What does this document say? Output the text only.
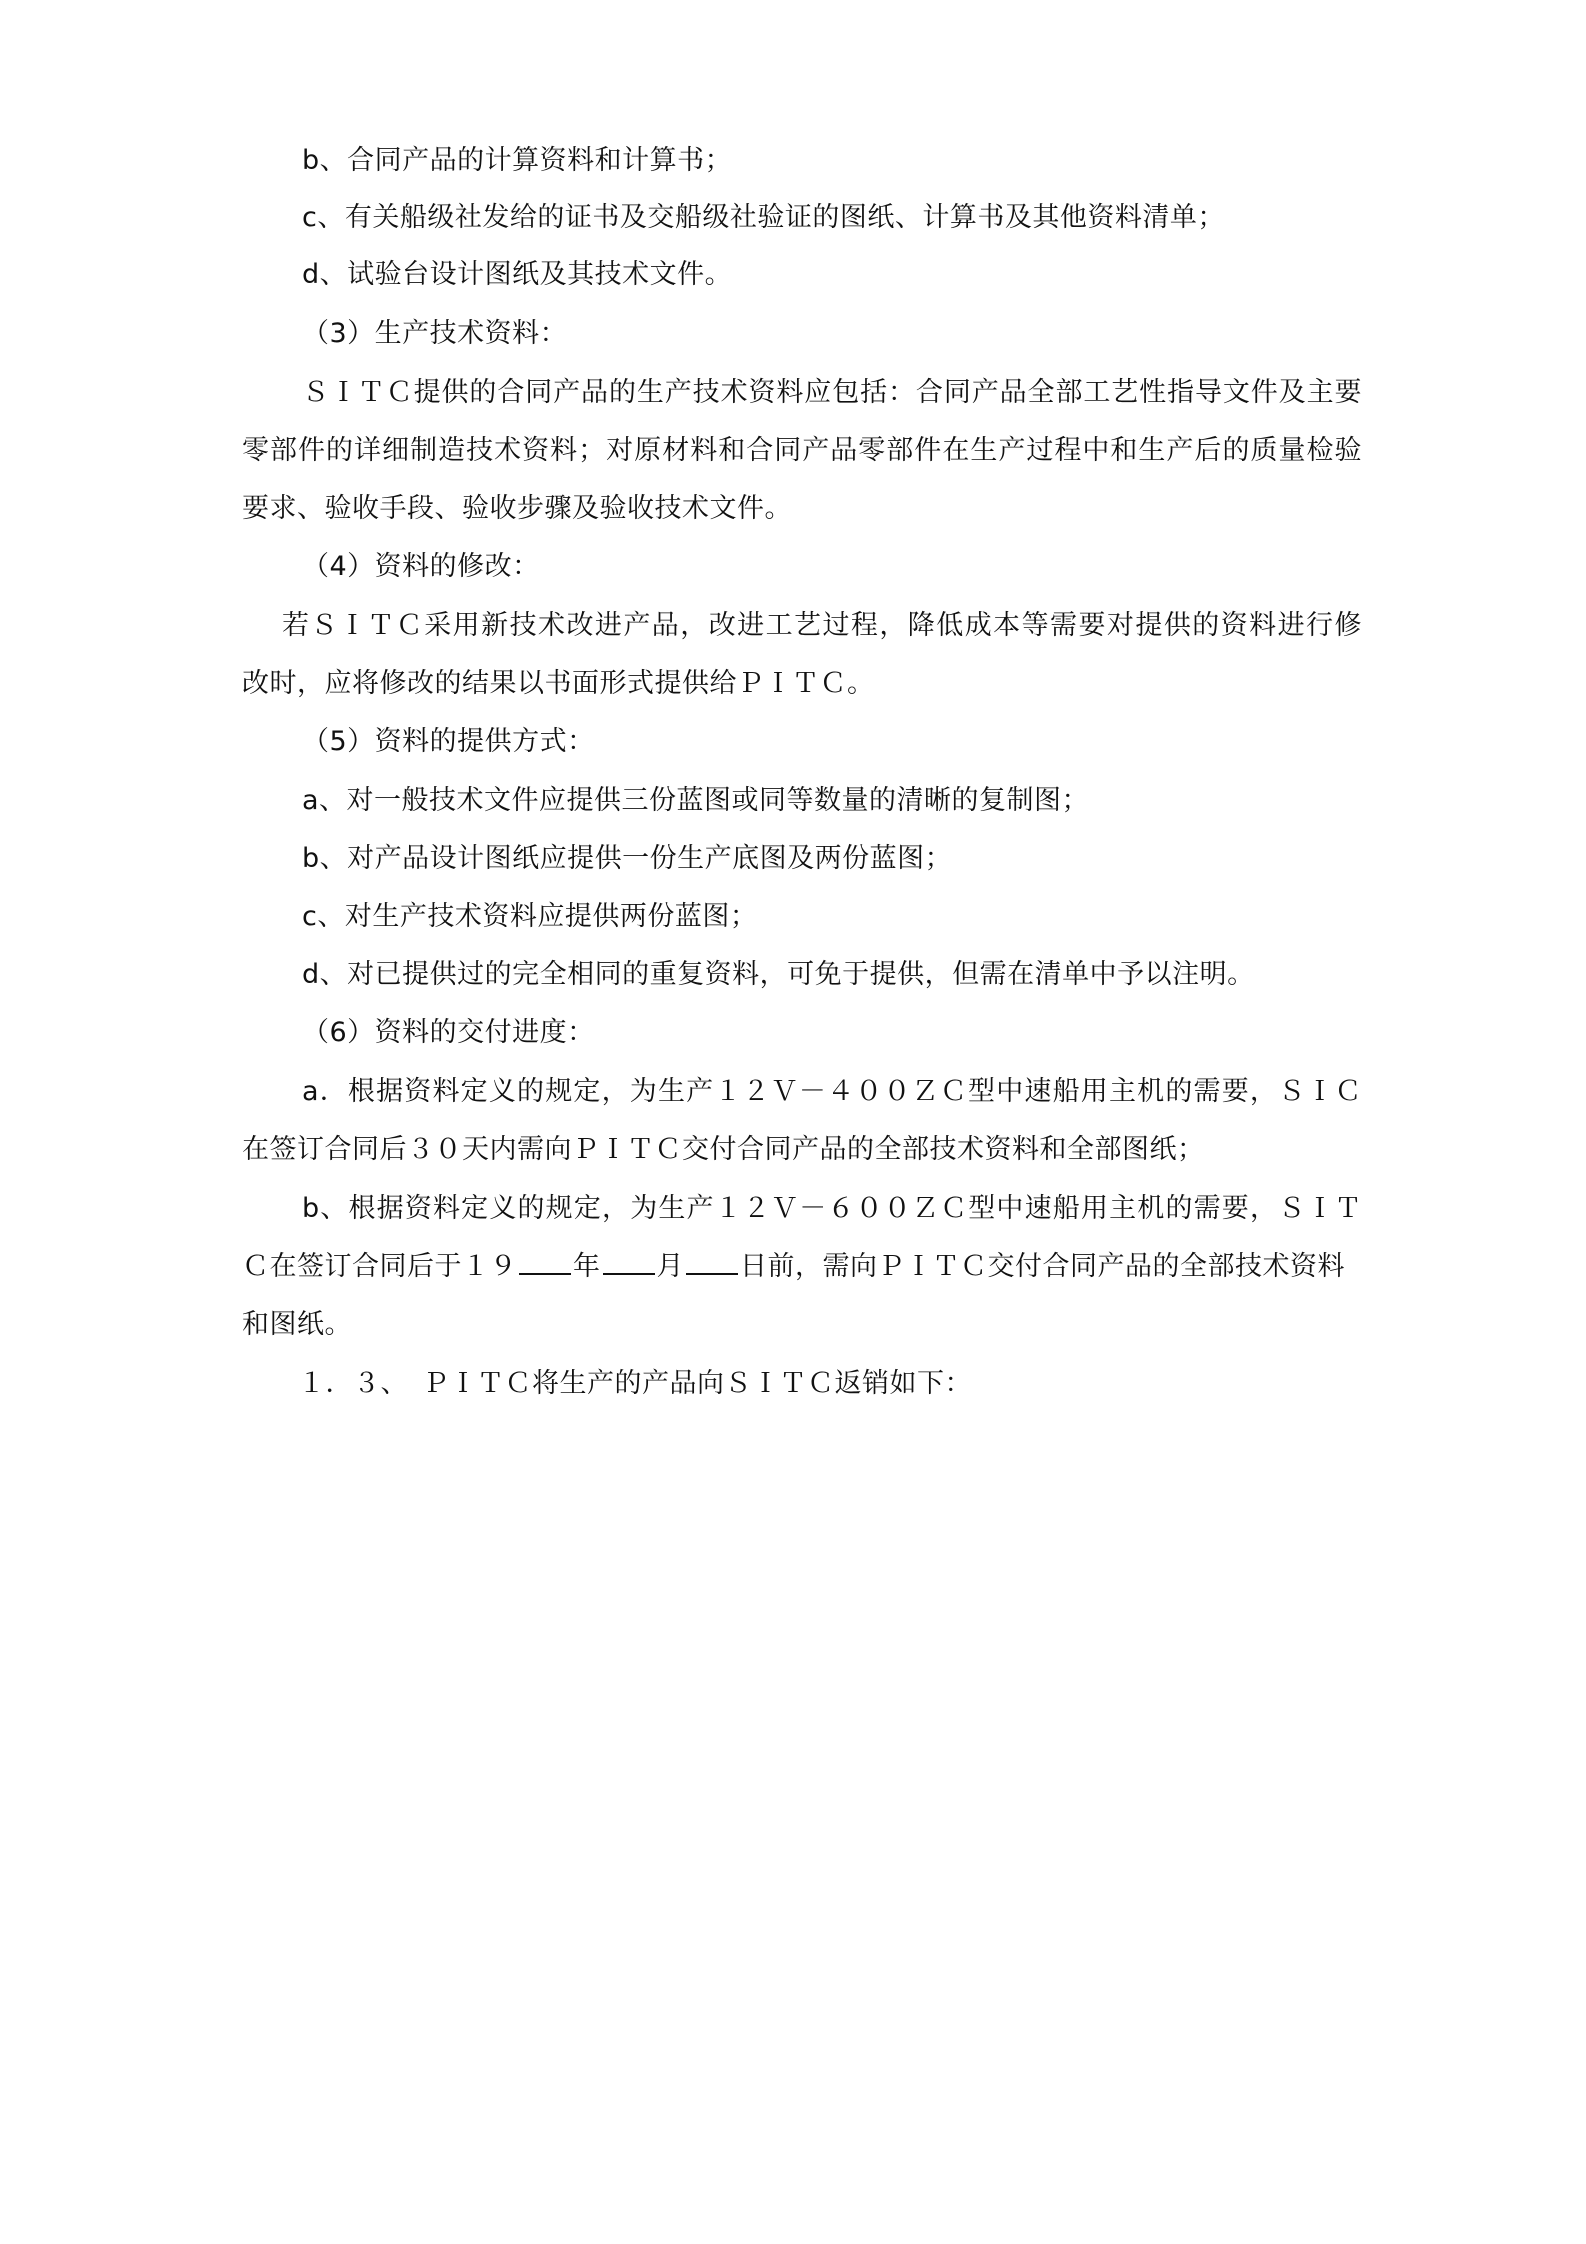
b、合同产品的计算资料和计算书；
c、有关船级社发给的证书及交船级社验证的图纸、计算书及其他资料清单；
d、试验台设计图纸及其技术文件。
（3）生产技术资料：
ＳＩＴＣ提供的合同产品的生产技术资料应包括：合同产品全部工艺性指导文件及主要
零部件的详细制造技术资料；对原材料和合同产品零部件在生产过程中和生产后的质量检验
要求、验收手段、验收步骤及验收技术文件。
（4）资料的修改：
若ＳＩＴＣ采用新技术改进产品，改进工艺过程，降低成本等需要对提供的资料进行修
改时，应将修改的结果以书面形式提供给ＰＩＴＣ。
（5）资料的提供方式：
a、对一般技术文件应提供三份蓝图或同等数量的清晰的复制图；
b、对产品设计图纸应提供一份生产底图及两份蓝图；
c、对生产技术资料应提供两份蓝图；
d、对已提供过的完全相同的重复资料，可免于提供，但需在清单中予以注明。
（6）资料的交付进度：
a．根据资料定义的规定，为生产１２Ｖ－４００ＺＣ型中速船用主机的需要，ＳＩＣ
在签订合同后３０天内需向ＰＩＴＣ交付合同产品的全部技术资料和全部图纸；
b、根据资料定义的规定，为生产１２Ｖ－６００ＺＣ型中速船用主机的需要，ＳＩＴ
Ｃ在签订合同后于１９ 年 月 日前，需向ＰＩＴＣ交付合同产品的全部技术资料
和图纸。
１．３、　ＰＩＴＣ将生产的产品向ＳＩＴＣ返销如下：
